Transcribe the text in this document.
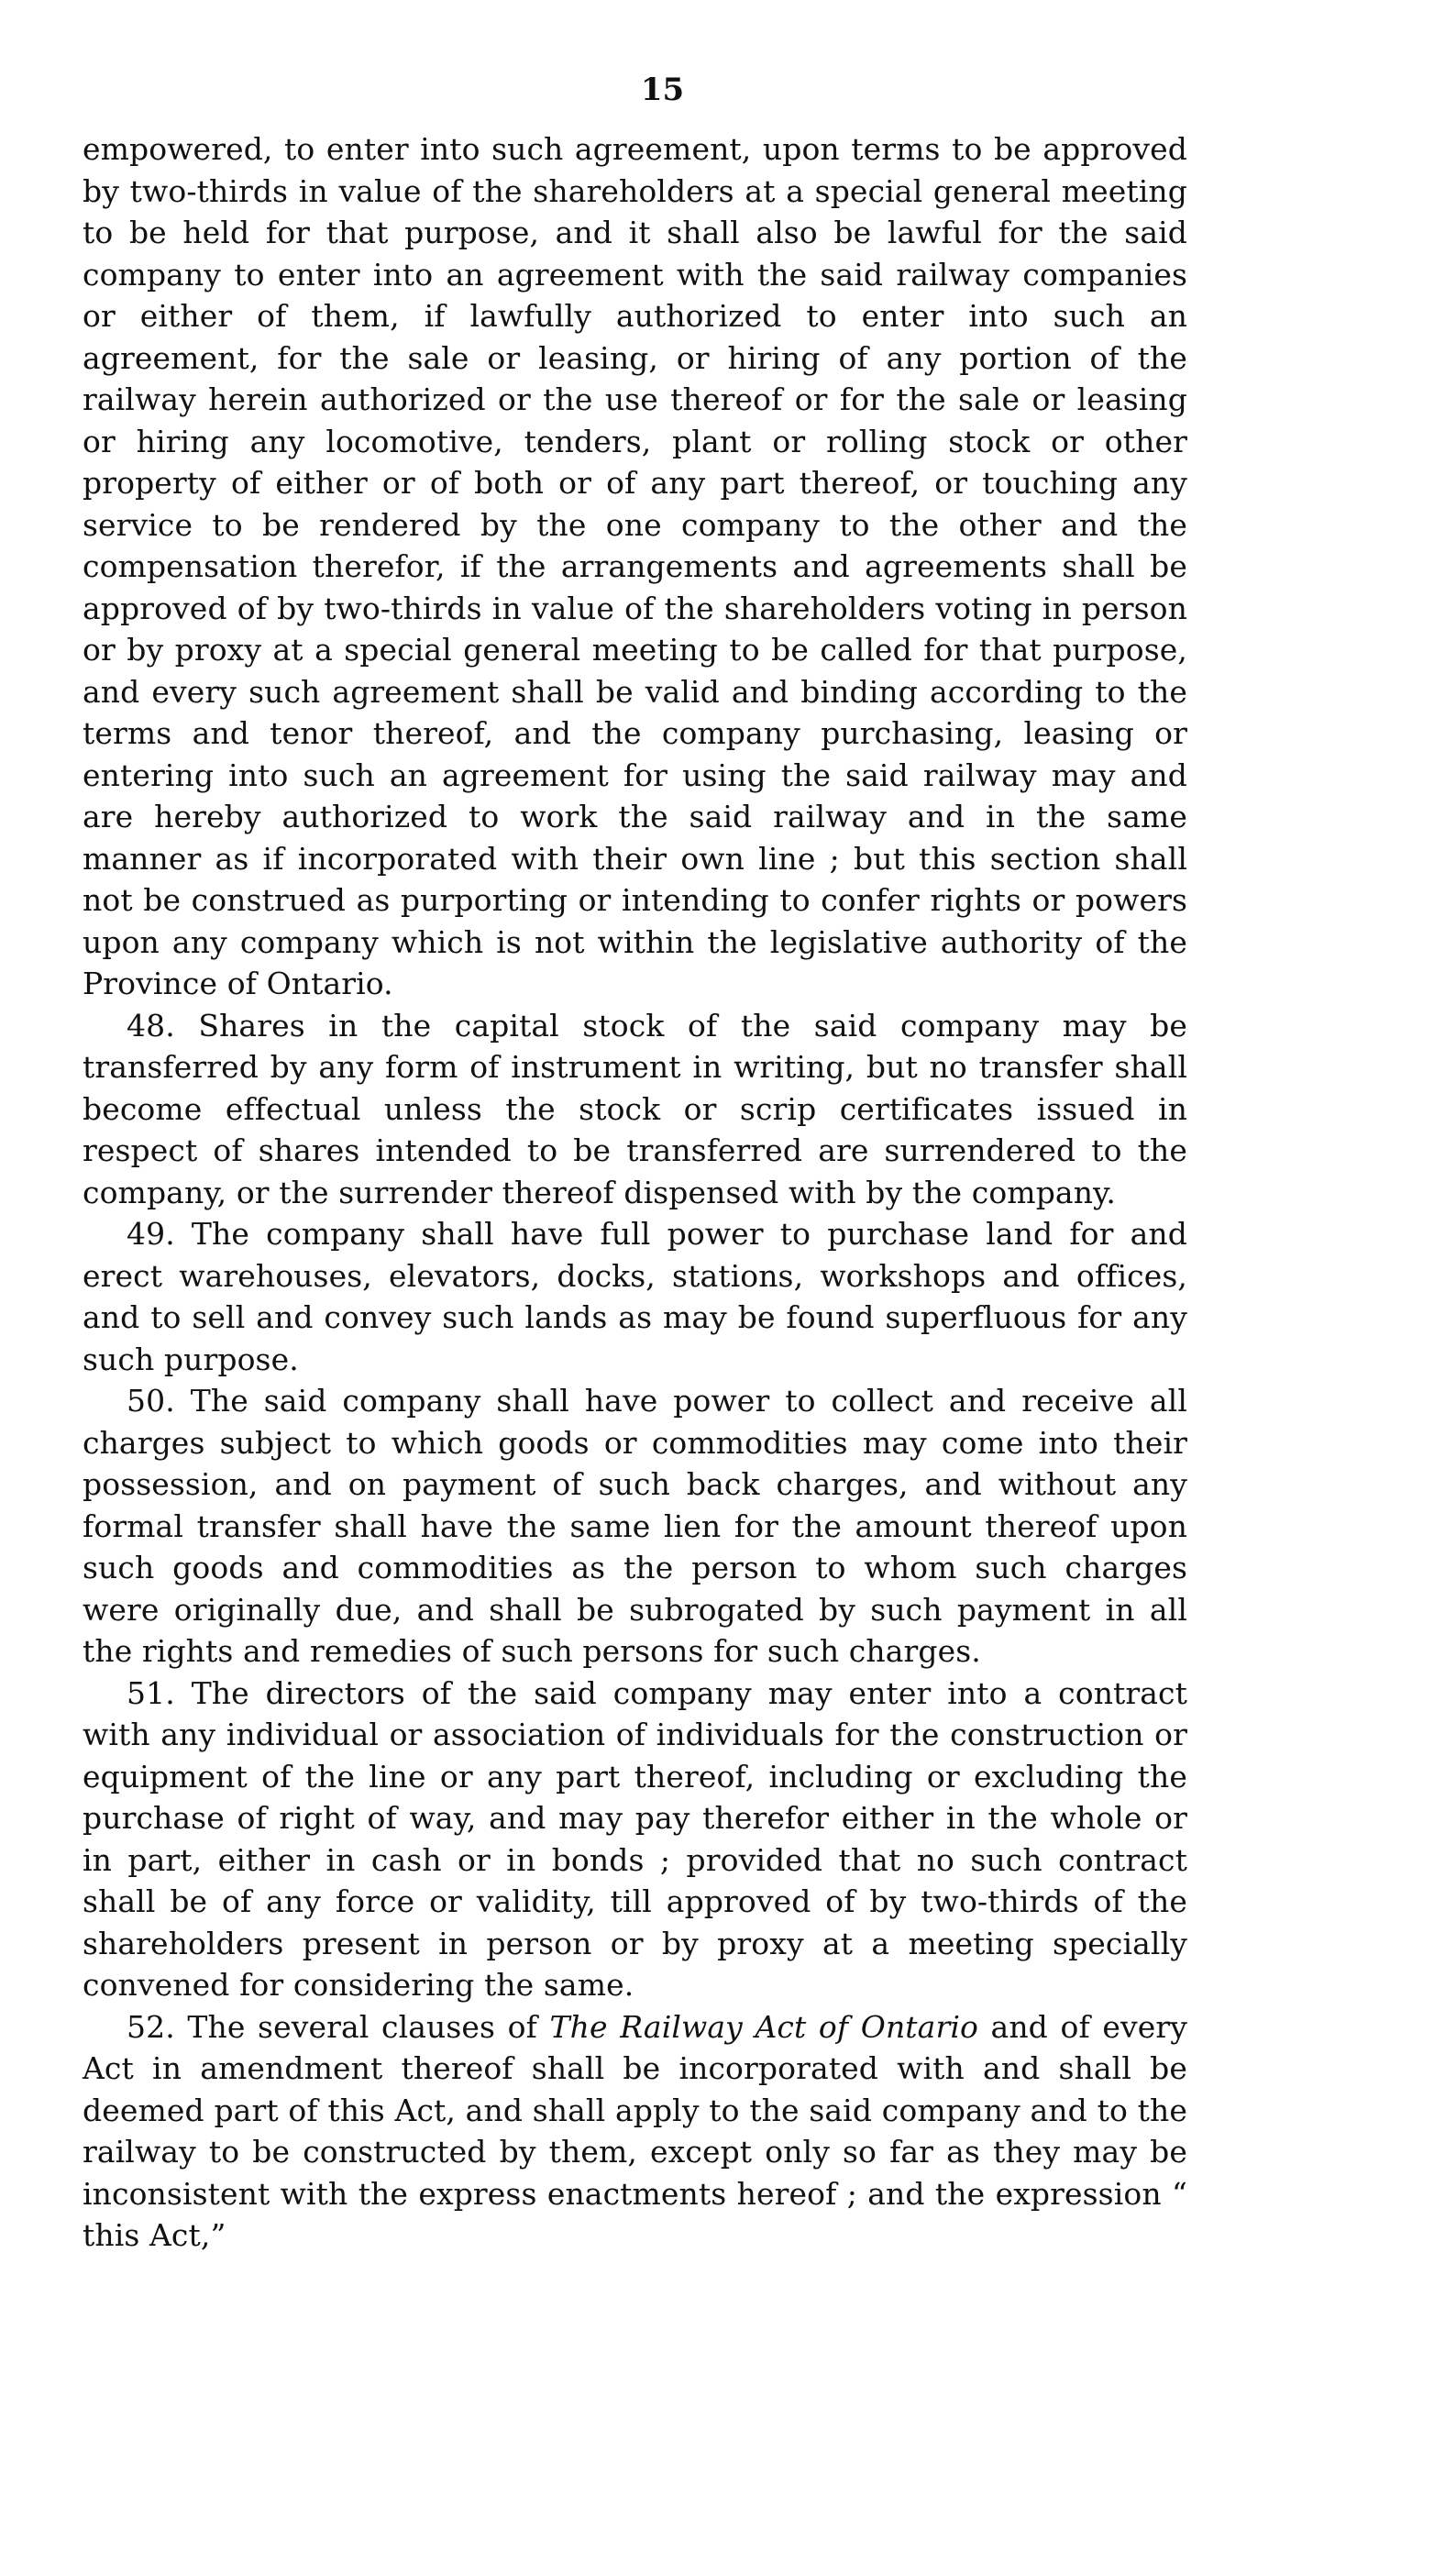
15

empowered, to enter into such agreement, upon terms to be approved by two-thirds in value of the shareholders at a special general meeting to be held for that purpose, and it shall also be lawful for the said company to enter into an agreement with the said railway companies or either of them, if lawfully authorized to enter into such an agreement, for the sale or leasing, or hiring of any portion of the railway herein authorized or the use thereof or for the sale or leasing or hiring any locomotive, tenders, plant or rolling stock or other property of either or of both or of any part thereof, or touching any service to be rendered by the one company to the other and the compensation therefor, if the arrangements and agreements shall be approved of by two-thirds in value of the shareholders voting in person or by proxy at a special general meeting to be called for that purpose, and every such agreement shall be valid and binding according to the terms and tenor thereof, and the company purchasing, leasing or entering into such an agreement for using the said railway may and are hereby authorized to work the said railway and in the same manner as if incorporated with their own line ; but this section shall not be construed as purporting or intending to confer rights or powers upon any company which is not within the legislative authority of the Province of Ontario.

48. Shares in the capital stock of the said company may be transferred by any form of instrument in writing, but no transfer shall become effectual unless the stock or scrip certificates issued in respect of shares intended to be transferred are surrendered to the company, or the surrender thereof dispensed with by the company.

49. The company shall have full power to purchase land for and erect warehouses, elevators, docks, stations, workshops and offices, and to sell and convey such lands as may be found superfluous for any such purpose.

50. The said company shall have power to collect and receive all charges subject to which goods or commodities may come into their possession, and on payment of such back charges, and without any formal transfer shall have the same lien for the amount thereof upon such goods and commodities as the person to whom such charges were originally due, and shall be subrogated by such payment in all the rights and remedies of such persons for such charges.

51. The directors of the said company may enter into a contract with any individual or association of individuals for the construction or equipment of the line or any part thereof, including or excluding the purchase of right of way, and may pay therefor either in the whole or in part, either in cash or in bonds ; provided that no such contract shall be of any force or validity, till approved of by two-thirds of the shareholders present in person or by proxy at a meeting specially convened for considering the same.

52. The several clauses of The Railway Act of Ontario and of every Act in amendment thereof shall be incorporated with and shall be deemed part of this Act, and shall apply to the said company and to the railway to be constructed by them, except only so far as they may be inconsistent with the express enactments hereof ; and the expression “ this Act,”
